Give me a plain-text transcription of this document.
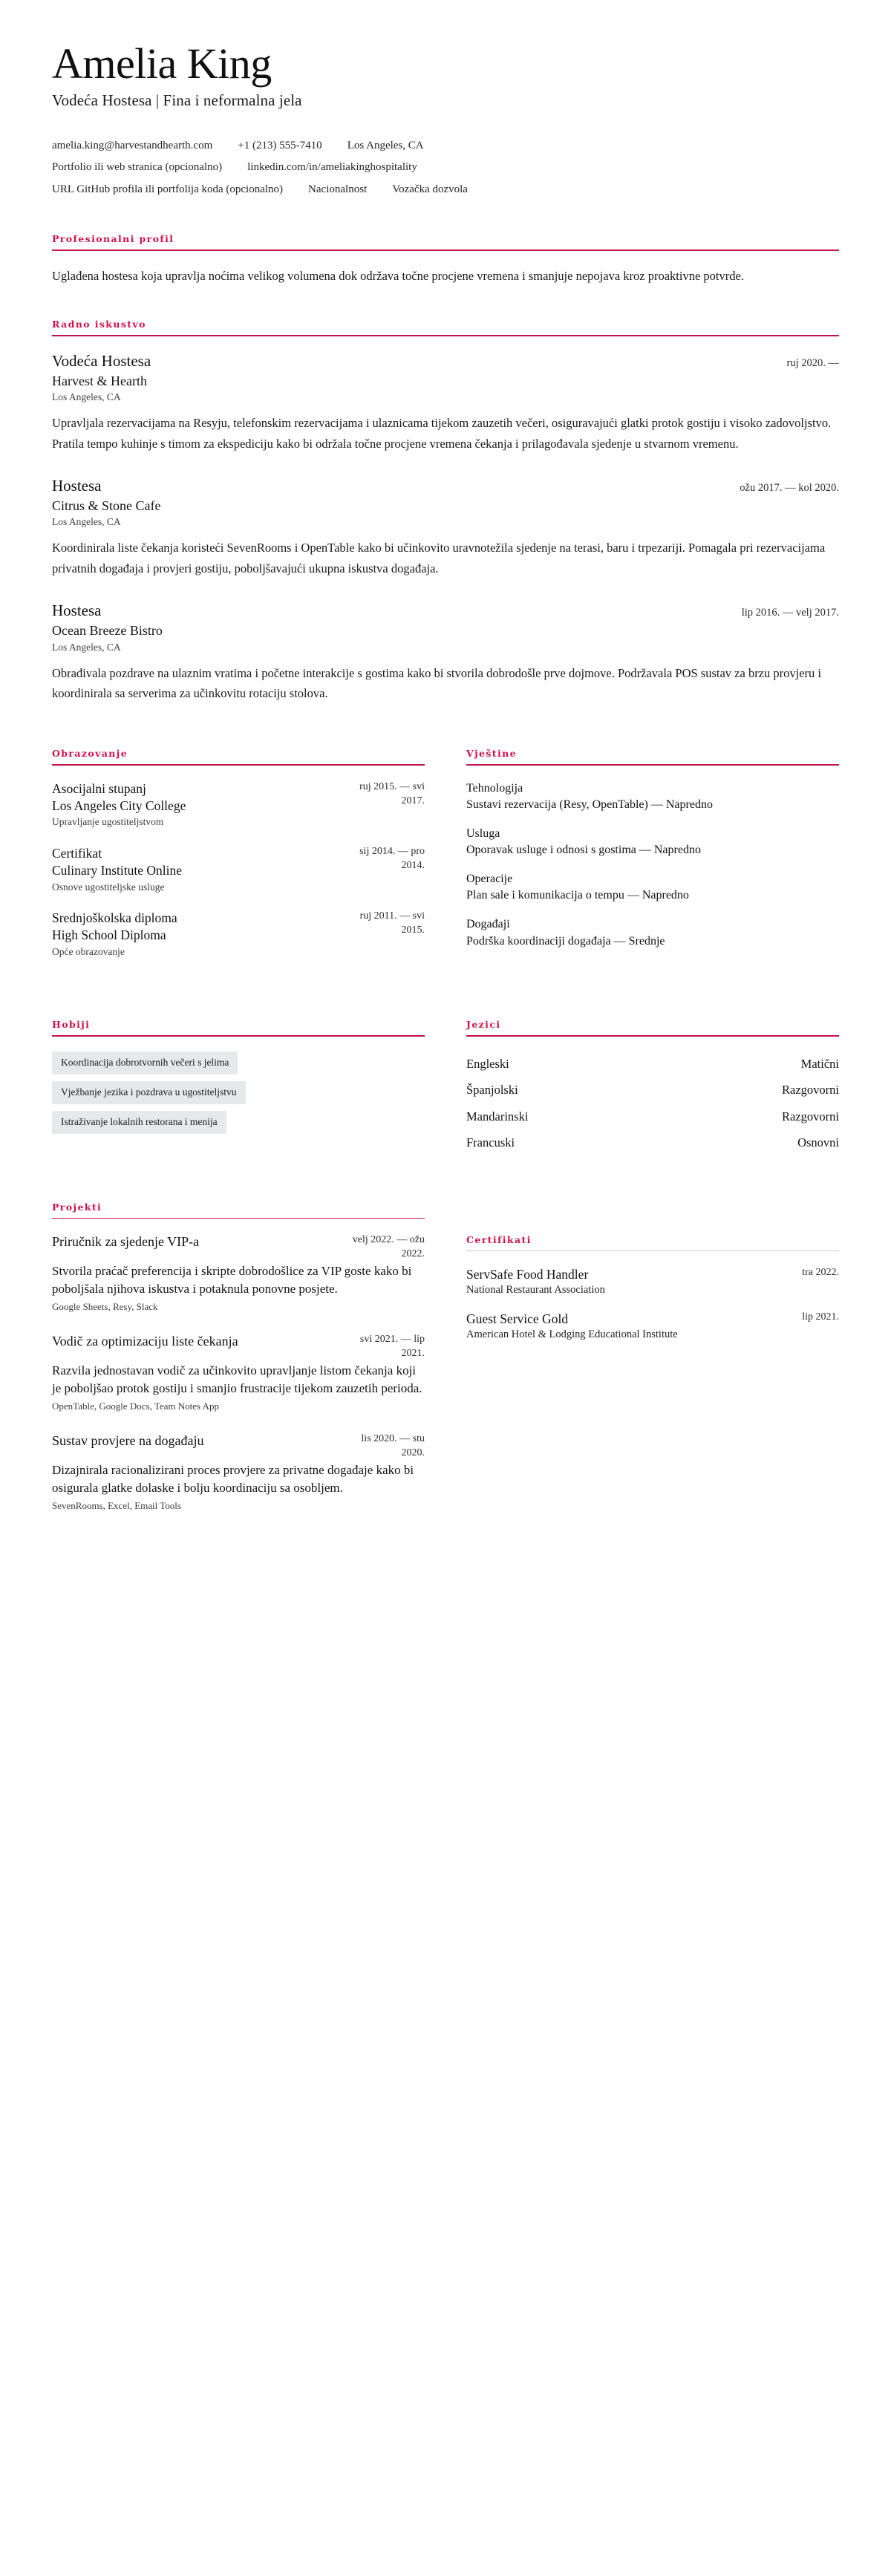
Amelia King
Vodeća Hostesa | Fina i neformalna jela
amelia.king@harvestandhearth.com +1 (213) 555-7410 Los Angeles, CA
Portfolio ili web stranica (opcionalno) linkedin.com/in/ameliakinghospitality
URL GitHub profila ili portfolija koda (opcionalno) Nacionalnost Vozačka dozvola
Profesionalni profil

Uglađena hostesa koja upravlja noćima velikog volumena dok održava točne procjene vremena i smanjuje nepojava kroz proaktivne potvrde.

Radno iskustvo
Vodeća Hostesa	ruj 2020. —
Harvest & Hearth
Los Angeles, CA
Upravljala rezervacijama na Resyju, telefonskim rezervacijama i ulaznicama tijekom zauzetih večeri, osiguravajući glatki protok gostiju i visoko zadovoljstvo. Pratila tempo kuhinje s timom za ekspediciju kako bi održala točne procjene vremena čekanja i prilagođavala sjedenje u stvarnom vremenu.
Hostesa	ožu 2017. — kol 2020.
Citrus & Stone Cafe
Los Angeles, CA
Koordinirala liste čekanja koristeći SevenRooms i OpenTable kako bi učinkovito uravnotežila sjedenje na terasi, baru i trpezariji. Pomagala pri rezervacijama privatnih događaja i provjeri gostiju, poboljšavajući ukupna iskustva događaja.
Hostesa	lip 2016. — velj 2017.
Ocean Breeze Bistro
Los Angeles, CA
Obrađivala pozdrave na ulaznim vratima i početne interakcije s gostima kako bi stvorila dobrodošle prve dojmove. Podržavala POS sustav za brzu provjeru i koordinirala sa serverima za učinkovitu rotaciju stolova.
Obrazovanje
Asocijalni stupanj
Los Angeles City College
Upravljanje ugostiteljstvom
ruj 2015. — svi 2017.
Certifikat
Culinary Institute Online
Osnove ugostiteljske usluge
sij 2014. — pro 2014.
Srednjoškolska diploma
High School Diploma
Opće obrazovanje
ruj 2011. — svi 2015.
Vještine
Tehnologija
Sustavi rezervacija (Resy, OpenTable) — Napredno
Usluga
Oporavak usluge i odnosi s gostima — Napredno
Operacije
Plan sale i komunikacija o tempu — Napredno
Događaji
Podrška koordinaciji događaja — Srednje
Hobiji
Koordinacija dobrotvornih večeri s jelima
Vježbanje jezika i pozdrava u ugostiteljstvu
Istraživanje lokalnih restorana i menija
Jezici
Engleski	Matični
Španjolski	Razgovorni
Mandarinski	Razgovorni
Francuski	Osnovni
Projekti
Priručnik za sjedenje VIP-a	velj 2022. — ožu 2022.
Stvorila praćač preferencija i skripte dobrodošlice za VIP goste kako bi poboljšala njihova iskustva i potaknula ponovne posjete.
Google Sheets, Resy, Slack
Vodič za optimizaciju liste čekanja	svi 2021. — lip 2021.
Razvila jednostavan vodič za učinkovito upravljanje listom čekanja koji je poboljšao protok gostiju i smanjio frustracije tijekom zauzetih perioda.
OpenTable, Google Docs, Team Notes App
Sustav provjere na događaju	lis 2020. — stu 2020.
Dizajnirala racionalizirani proces provjere za privatne događaje kako bi osigurala glatke dolaske i bolju koordinaciju sa osobljem.
SevenRooms, Excel, Email Tools
Certifikati
ServSafe Food Handler
National Restaurant Association
tra 2022.
Guest Service Gold
American Hotel & Lodging Educational Institute
lip 2021.
